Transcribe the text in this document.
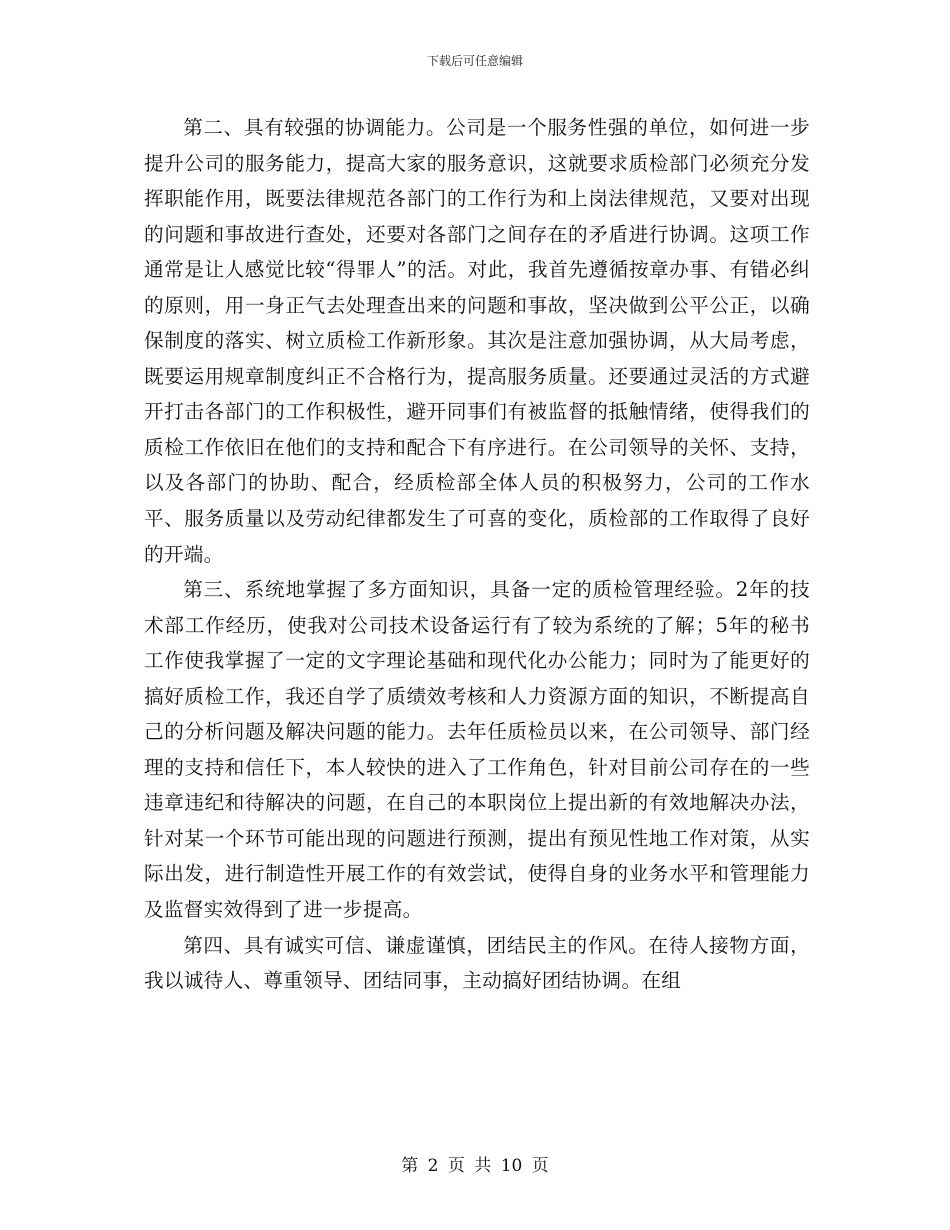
下载后可任意编辑

第二、具有较强的协调能力。公司是一个服务性强的单位，如何进一步提升公司的服务能力，提高大家的服务意识，这就要求质检部门必须充分发挥职能作用，既要法律规范各部门的工作行为和上岗法律规范，又要对出现的问题和事故进行查处，还要对各部门之间存在的矛盾进行协调。这项工作通常是让人感觉比较“得罪人”的活。对此，我首先遵循按章办事、有错必纠的原则，用一身正气去处理查出来的问题和事故，坚决做到公平公正，以确保制度的落实、树立质检工作新形象。其次是注意加强协调，从大局考虑，既要运用规章制度纠正不合格行为，提高服务质量。还要通过灵活的方式避开打击各部门的工作积极性，避开同事们有被监督的抵触情绪，使得我们的质检工作依旧在他们的支持和配合下有序进行。在公司领导的关怀、支持，以及各部门的协助、配合，经质检部全体人员的积极努力，公司的工作水平、服务质量以及劳动纪律都发生了可喜的变化，质检部的工作取得了良好的开端。

第三、系统地掌握了多方面知识，具备一定的质检管理经验。2年的技术部工作经历，使我对公司技术设备运行有了较为系统的了解；5年的秘书工作使我掌握了一定的文字理论基础和现代化办公能力；同时为了能更好的搞好质检工作，我还自学了质绩效考核和人力资源方面的知识，不断提高自己的分析问题及解决问题的能力。去年任质检员以来，在公司领导、部门经理的支持和信任下，本人较快的进入了工作角色，针对目前公司存在的一些违章违纪和待解决的问题，在自己的本职岗位上提出新的有效地解决办法，针对某一个环节可能出现的问题进行预测，提出有预见性地工作对策，从实际出发，进行制造性开展工作的有效尝试，使得自身的业务水平和管理能力及监督实效得到了进一步提高。

第四、具有诚实可信、谦虚谨慎，团结民主的作风。在待人接物方面，我以诚待人、尊重领导、团结同事，主动搞好团结协调。在组

第 2 页 共 10 页
